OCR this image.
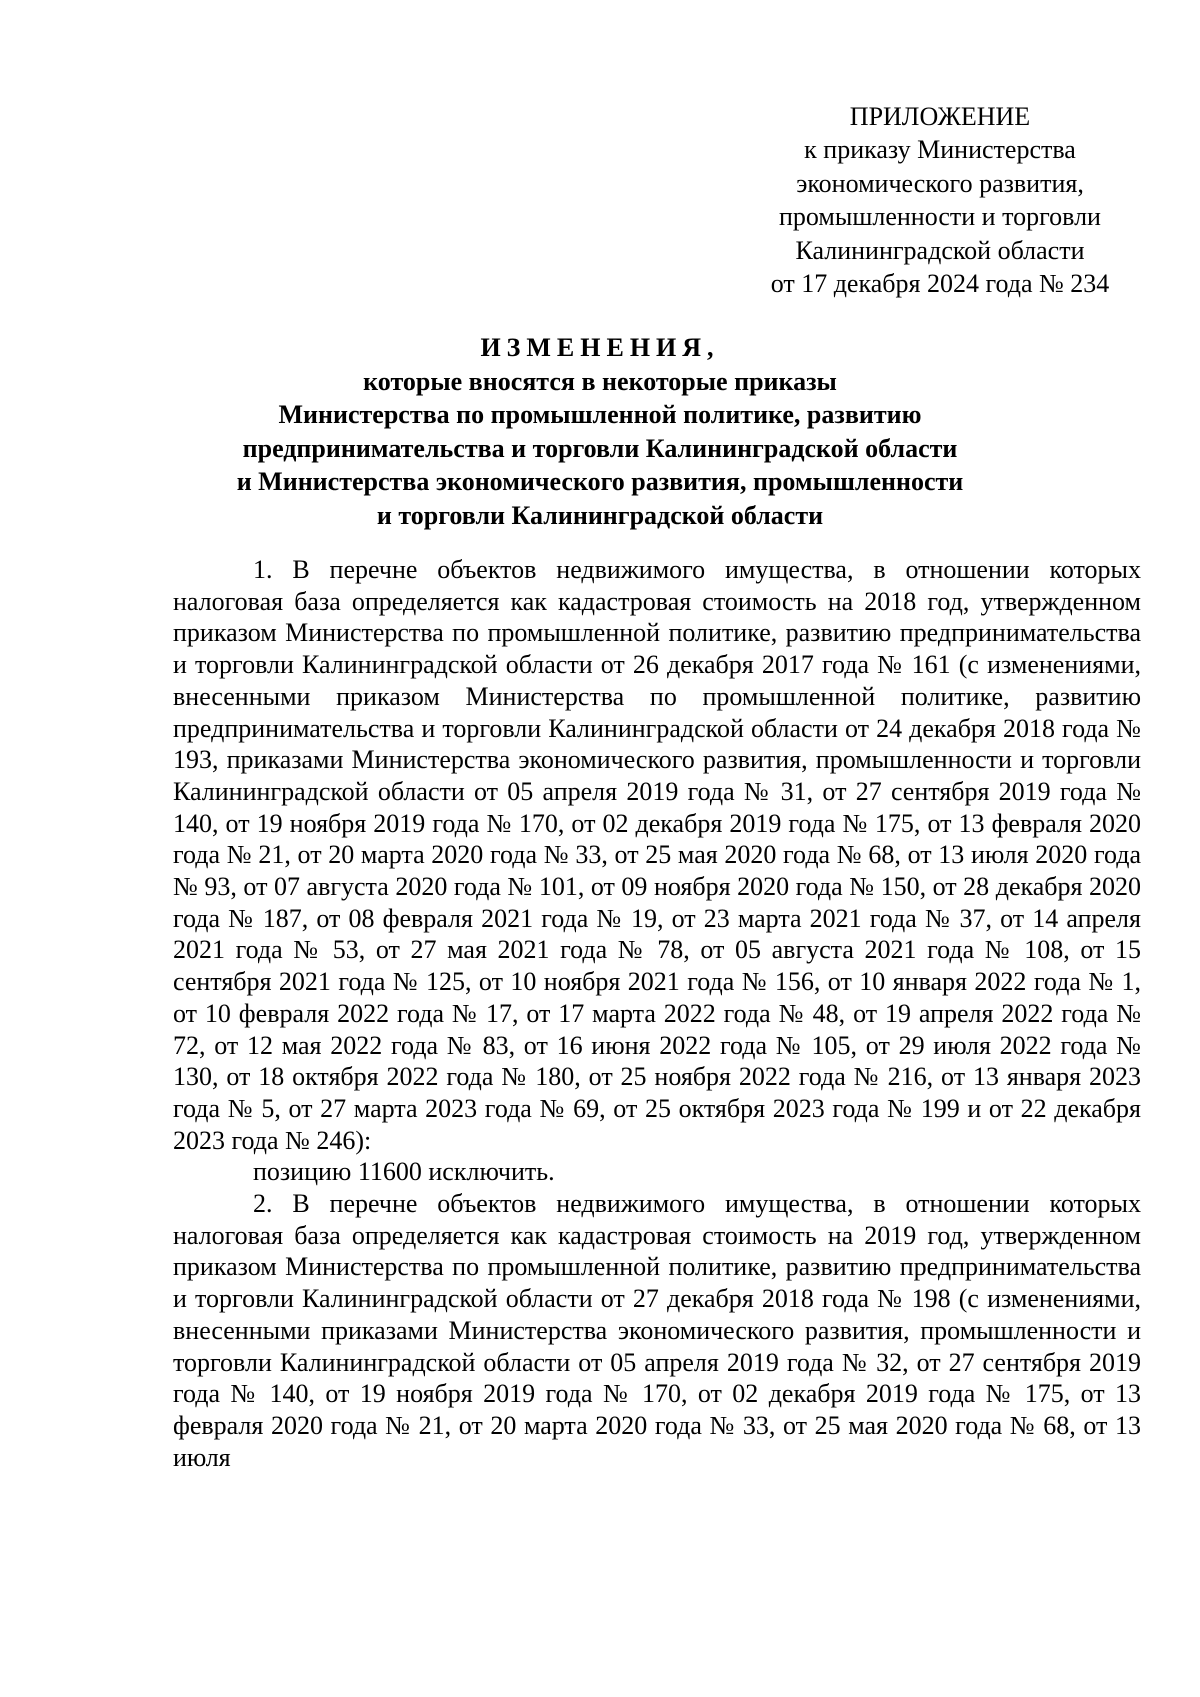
ПРИЛОЖЕНИЕ
к приказу Министерства
экономического развития,
промышленности и торговли
Калининградской области
от 17 декабря 2024 года № 234
ИЗМЕНЕНИЯ,
которые вносятся в некоторые приказы
Министерства по промышленной политике, развитию
предпринимательства и торговли Калининградской области
и Министерства экономического развития, промышленности
и торговли Калининградской области

1. В перечне объектов недвижимого имущества, в отношении которых налоговая база определяется как кадастровая стоимость на 2018 год, утвержденном приказом Министерства по промышленной политике, развитию предпринимательства и торговли Калининградской области от 26 декабря 2017 года № 161 (с изменениями, внесенными приказом Министерства по промышленной политике, развитию предпринимательства и торговли Калининградской области от 24 декабря 2018 года № 193, приказами Министерства экономического развития, промышленности и торговли Калининградской области от 05 апреля 2019 года № 31, от 27 сентября 2019 года № 140, от 19 ноября 2019 года № 170, от 02 декабря 2019 года № 175, от 13 февраля 2020 года № 21, от 20 марта 2020 года № 33, от 25 мая 2020 года № 68, от 13 июля 2020 года № 93, от 07 августа 2020 года № 101, от 09 ноября 2020 года № 150, от 28 декабря 2020 года № 187, от 08 февраля 2021 года № 19, от 23 марта 2021 года № 37, от 14 апреля 2021 года № 53, от 27 мая 2021 года № 78, от 05 августа 2021 года № 108, от 15 сентября 2021 года № 125, от 10 ноября 2021 года № 156, от 10 января 2022 года № 1, от 10 февраля 2022 года № 17, от 17 марта 2022 года № 48, от 19 апреля 2022 года № 72, от 12 мая 2022 года № 83, от 16 июня 2022 года № 105, от 29 июля 2022 года № 130, от 18 октября 2022 года № 180, от 25 ноября 2022 года № 216, от 13 января 2023 года № 5, от 27 марта 2023 года № 69, от 25 октября 2023 года № 199 и от 22 декабря 2023 года № 246):

позицию 11600 исключить.

2. В перечне объектов недвижимого имущества, в отношении которых налоговая база определяется как кадастровая стоимость на 2019 год, утвержденном приказом Министерства по промышленной политике, развитию предпринимательства и торговли Калининградской области от 27 декабря 2018 года № 198 (с изменениями, внесенными приказами Министерства экономического развития, промышленности и торговли Калининградской области от 05 апреля 2019 года № 32, от 27 сентября 2019 года № 140, от 19 ноября 2019 года № 170, от 02 декабря 2019 года № 175, от 13 февраля 2020 года № 21, от 20 марта 2020 года № 33, от 25 мая 2020 года № 68, от 13 июля
